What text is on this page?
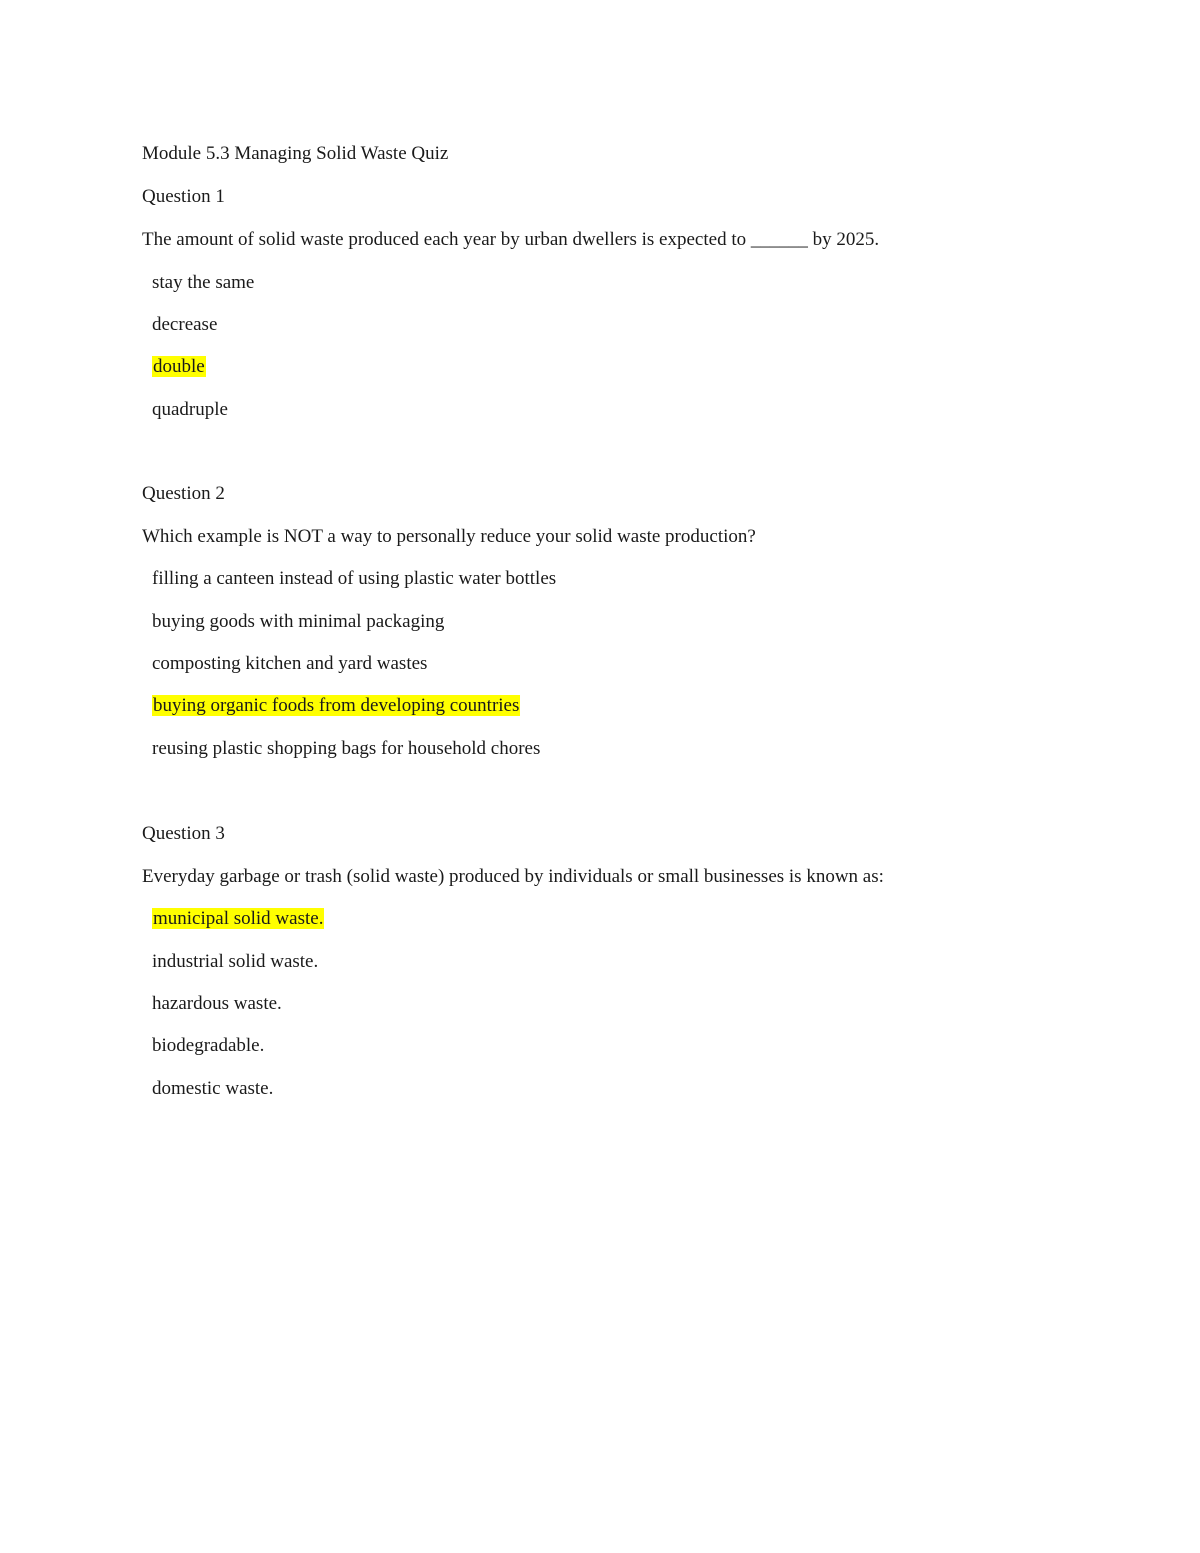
Module 5.3 Managing Solid Waste Quiz
Question 1
The amount of solid waste produced each year by urban dwellers is expected to ______ by 2025.
stay the same
decrease
double
quadruple
Question 2
Which example is NOT a way to personally reduce your solid waste production?
filling a canteen instead of using plastic water bottles
buying goods with minimal packaging
composting kitchen and yard wastes
buying organic foods from developing countries
reusing plastic shopping bags for household chores
Question 3
Everyday garbage or trash (solid waste) produced by individuals or small businesses is known as:
municipal solid waste.
industrial solid waste.
hazardous waste.
biodegradable.
domestic waste.
